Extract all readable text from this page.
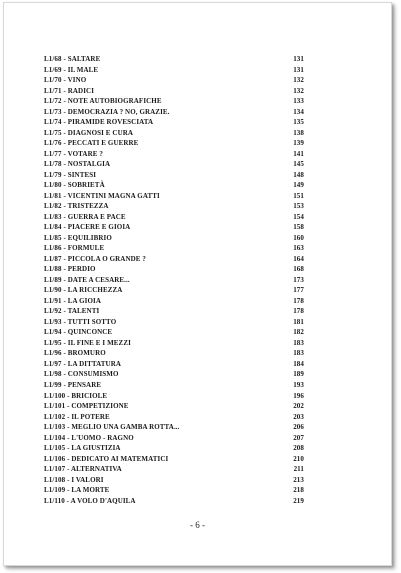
L1/68 - SALTARE	131
L1/69 - IL MALE	131
L1/70 - VINO	132
L1/71 - RADICI	132
L1/72 - NOTE AUTOBIOGRAFICHE	133
L1/73 - DEMOCRAZIA ? NO, GRAZIE.	134
L1/74 - PIRAMIDE ROVESCIATA	135
L1/75 - DIAGNOSI E CURA	138
L1/76 - PECCATI E GUERRE	139
L1/77 - VOTARE ?	141
L1/78 - NOSTALGIA	145
L1/79 - SINTESI	148
L1/80 - SOBRIETÀ	149
L1/81 - VICENTINI MAGNA GATTI	151
L1/82 - TRISTEZZA	153
L1/83 - GUERRA E PACE	154
L1/84 - PIACERE E GIOIA	158
L1/85 - EQUILIBRIO	160
L1/86 - FORMULE	163
L1/87 - PICCOLA O GRANDE ?	164
L1/88 - PERDIO	168
L1/89 - DATE A CESARE...	173
L1/90 - LA RICCHEZZA	177
L1/91 - LA GIOIA	178
L1/92 - TALENTI	178
L1/93 - TUTTI SOTTO	181
L1/94 - QUINCONCE	182
L1/95 - IL FINE E I MEZZI	183
L1/96 - BROMURO	183
L1/97 - LA DITTATURA	184
L1/98 - CONSUMISMO	189
L1/99 - PENSARE	193
L1/100 - BRICIOLE	196
L1/101 - COMPETIZIONE	202
L1/102 - IL POTERE	203
L1/103 - MEGLIO UNA GAMBA ROTTA...	206
L1/104 - L'UOMO - RAGNO	207
L1/105 - LA GIUSTIZIA	208
L1/106 - DEDICATO AI MATEMATICI	210
L1/107 - ALTERNATIVA	211
L1/108 - I VALORI	213
L1/109 - LA MORTE	218
L1/110 - A VOLO D'AQUILA	219
- 6 -
